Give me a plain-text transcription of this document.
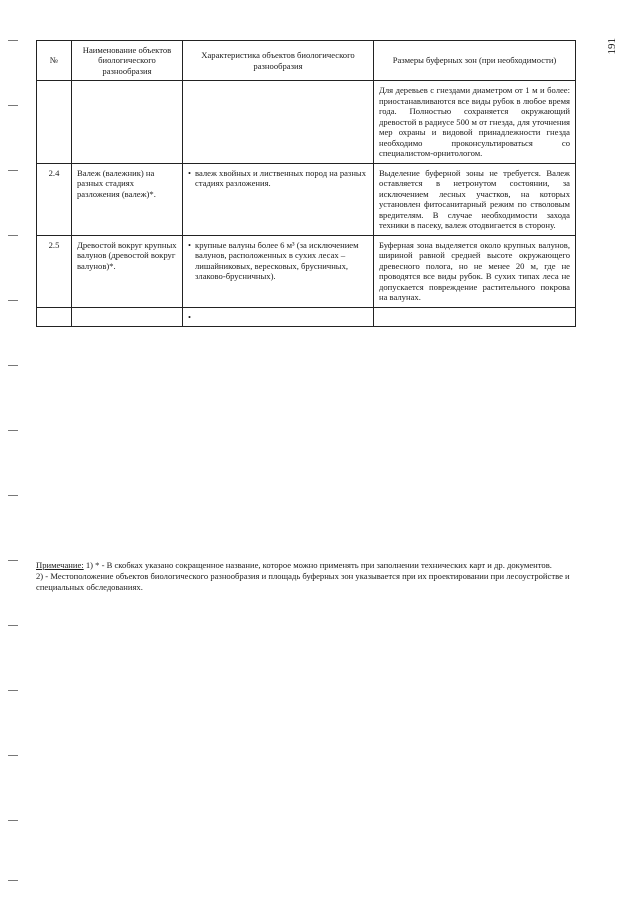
191
№	Наименование объектов биологического разнообразия	Характеристика объектов биологического разнообразия	Размеры буферных зон (при необходимости)
			Для деревьев с гнездами диаметром от 1 м и более: приостанавливаются все виды рубок в любое время года. Полностью сохраняется окружающий древостой в радиусе 500 м от гнезда, для уточнения мер охраны и видовой принадлежности гнезда необходимо проконсультироваться со специалистом-орнитологом.
2.4	Валеж (валежник) на разных стадиях разложения (валеж)*.	• валеж хвойных и лиственных пород на разных стадиях разложения.	Выделение буферной зоны не требуется. Валеж оставляется в нетронутом состоянии, за исключением лесных участков, на которых установлен фитосанитарный режим по стволовым вредителям. В случае необходимости захода техники в пасеку, валеж отодвигается в сторону.
2.5	Древостой вокруг крупных валунов (древостой вокруг валунов)*.	• крупные валуны более 6 м³ (за исключением валунов, расположенных в сухих лесах – лишайниковых, вересковых, брусничных, злаково-брусничных).	Буферная зона выделяется около крупных валунов, шириной равной средней высоте окружающего древесного полога, но не менее 20 м, где не проводятся все виды рубок. В сухих типах леса не допускается повреждение растительного покрова на валунах.

		•	

Примечание: 1) * - В скобках указано сокращенное название, которое можно применять при заполнении технических карт и др. документов.

2) - Местоположение объектов биологического разнообразия и площадь буферных зон указывается при их проектировании при лесоустройстве и специальных обследованиях.
